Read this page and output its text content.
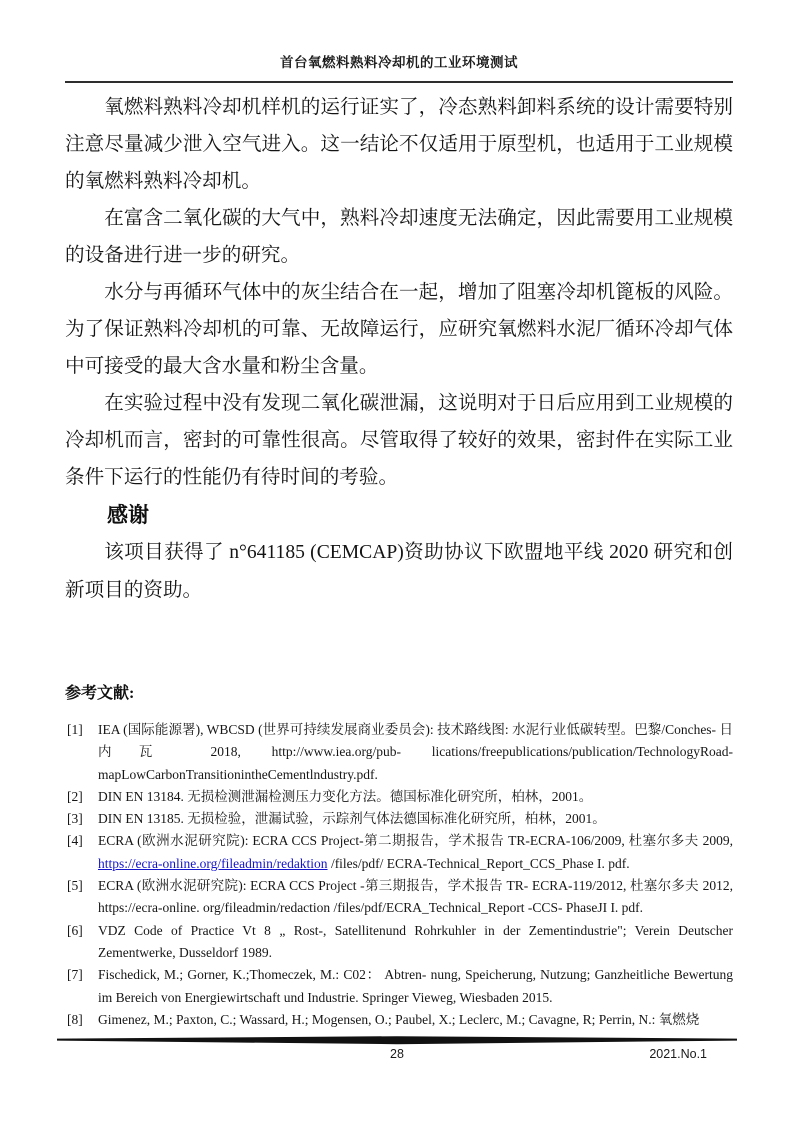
首台氧燃料熟料冷却机的工业环境测试

氧燃料熟料冷却机样机的运行证实了，冷态熟料卸料系统的设计需要特别注意尽量减少泄入空气进入。这一结论不仅适用于原型机，也适用于工业规模的氧燃料熟料冷却机。

在富含二氧化碳的大气中，熟料冷却速度无法确定，因此需要用工业规模的设备进行进一步的研究。

水分与再循环气体中的灰尘结合在一起，增加了阻塞冷却机篦板的风险。为了保证熟料冷却机的可靠、无故障运行，应研究氧燃料水泥厂循环冷却气体中可接受的最大含水量和粉尘含量。

在实验过程中没有发现二氧化碳泄漏，这说明对于日后应用到工业规模的冷却机而言，密封的可靠性很高。尽管取得了较好的效果，密封件在实际工业条件下运行的性能仍有待时间的考验。

感谢

该项目获得了 n°641185 (CEMCAP)资助协议下欧盟地平线 2020 研究和创新项目的资助。

参考文献:
[1] IEA (国际能源署), WBCSD (世界可持续发展商业委员会): 技术路线图: 水泥行业低碳转型。巴黎/Conches- 日内瓦 2018, http://www.iea.org/pub- lications/freepublications/publication/TechnologyRoad- mapLowCarbonTransitionintheCementlndustry.pdf.
[2] DIN EN 13184. 无损检测泄漏检测压力变化方法。德国标准化研究所，柏林，2001。
[3] DIN EN 13185. 无损检验，泄漏试验，示踪剂气体法德国标准化研究所，柏林，2001。
[4] ECRA (欧洲水泥研究院): ECRA CCS Project-第二期报告，学术报告 TR-ECRA-106/2009, 杜塞尔多夫 2009, https://ecra-online.org/fileadmin/redaktion /files/pdf/ ECRA-Technical_Report_CCS_Phase I. pdf.
[5] ECRA (欧洲水泥研究院): ECRA CCS Project -第三期报告，学术报告 TR- ECRA-119/2012, 杜塞尔多夫 2012, https://ecra-online. org/fileadmin/redaction /files/pdf/ECRA_Technical_Report -CCS- PhaseJI I. pdf.
[6] VDZ Code of Practice Vt 8 „ Rost-, Satellitenund Rohrkuhler in der Zementindustrie"; Verein Deutscher Zementwerke, Dusseldorf 1989.
[7] Fischedick, M.; Gorner, K.;Thomeczek, M.: C02： Abtren- nung, Speicherung, Nutzung; Ganzheitliche Bewertung im Bereich von Energiewirtschaft und Industrie. Springer Vieweg, Wiesbaden 2015.
[8] Gimenez, M.; Paxton, C.; Wassard, H.; Mogensen, O.; Paubel, X.; Leclerc, M.; Cavagne, R; Perrin, N.: 氧燃烧
28	2021.No.1
